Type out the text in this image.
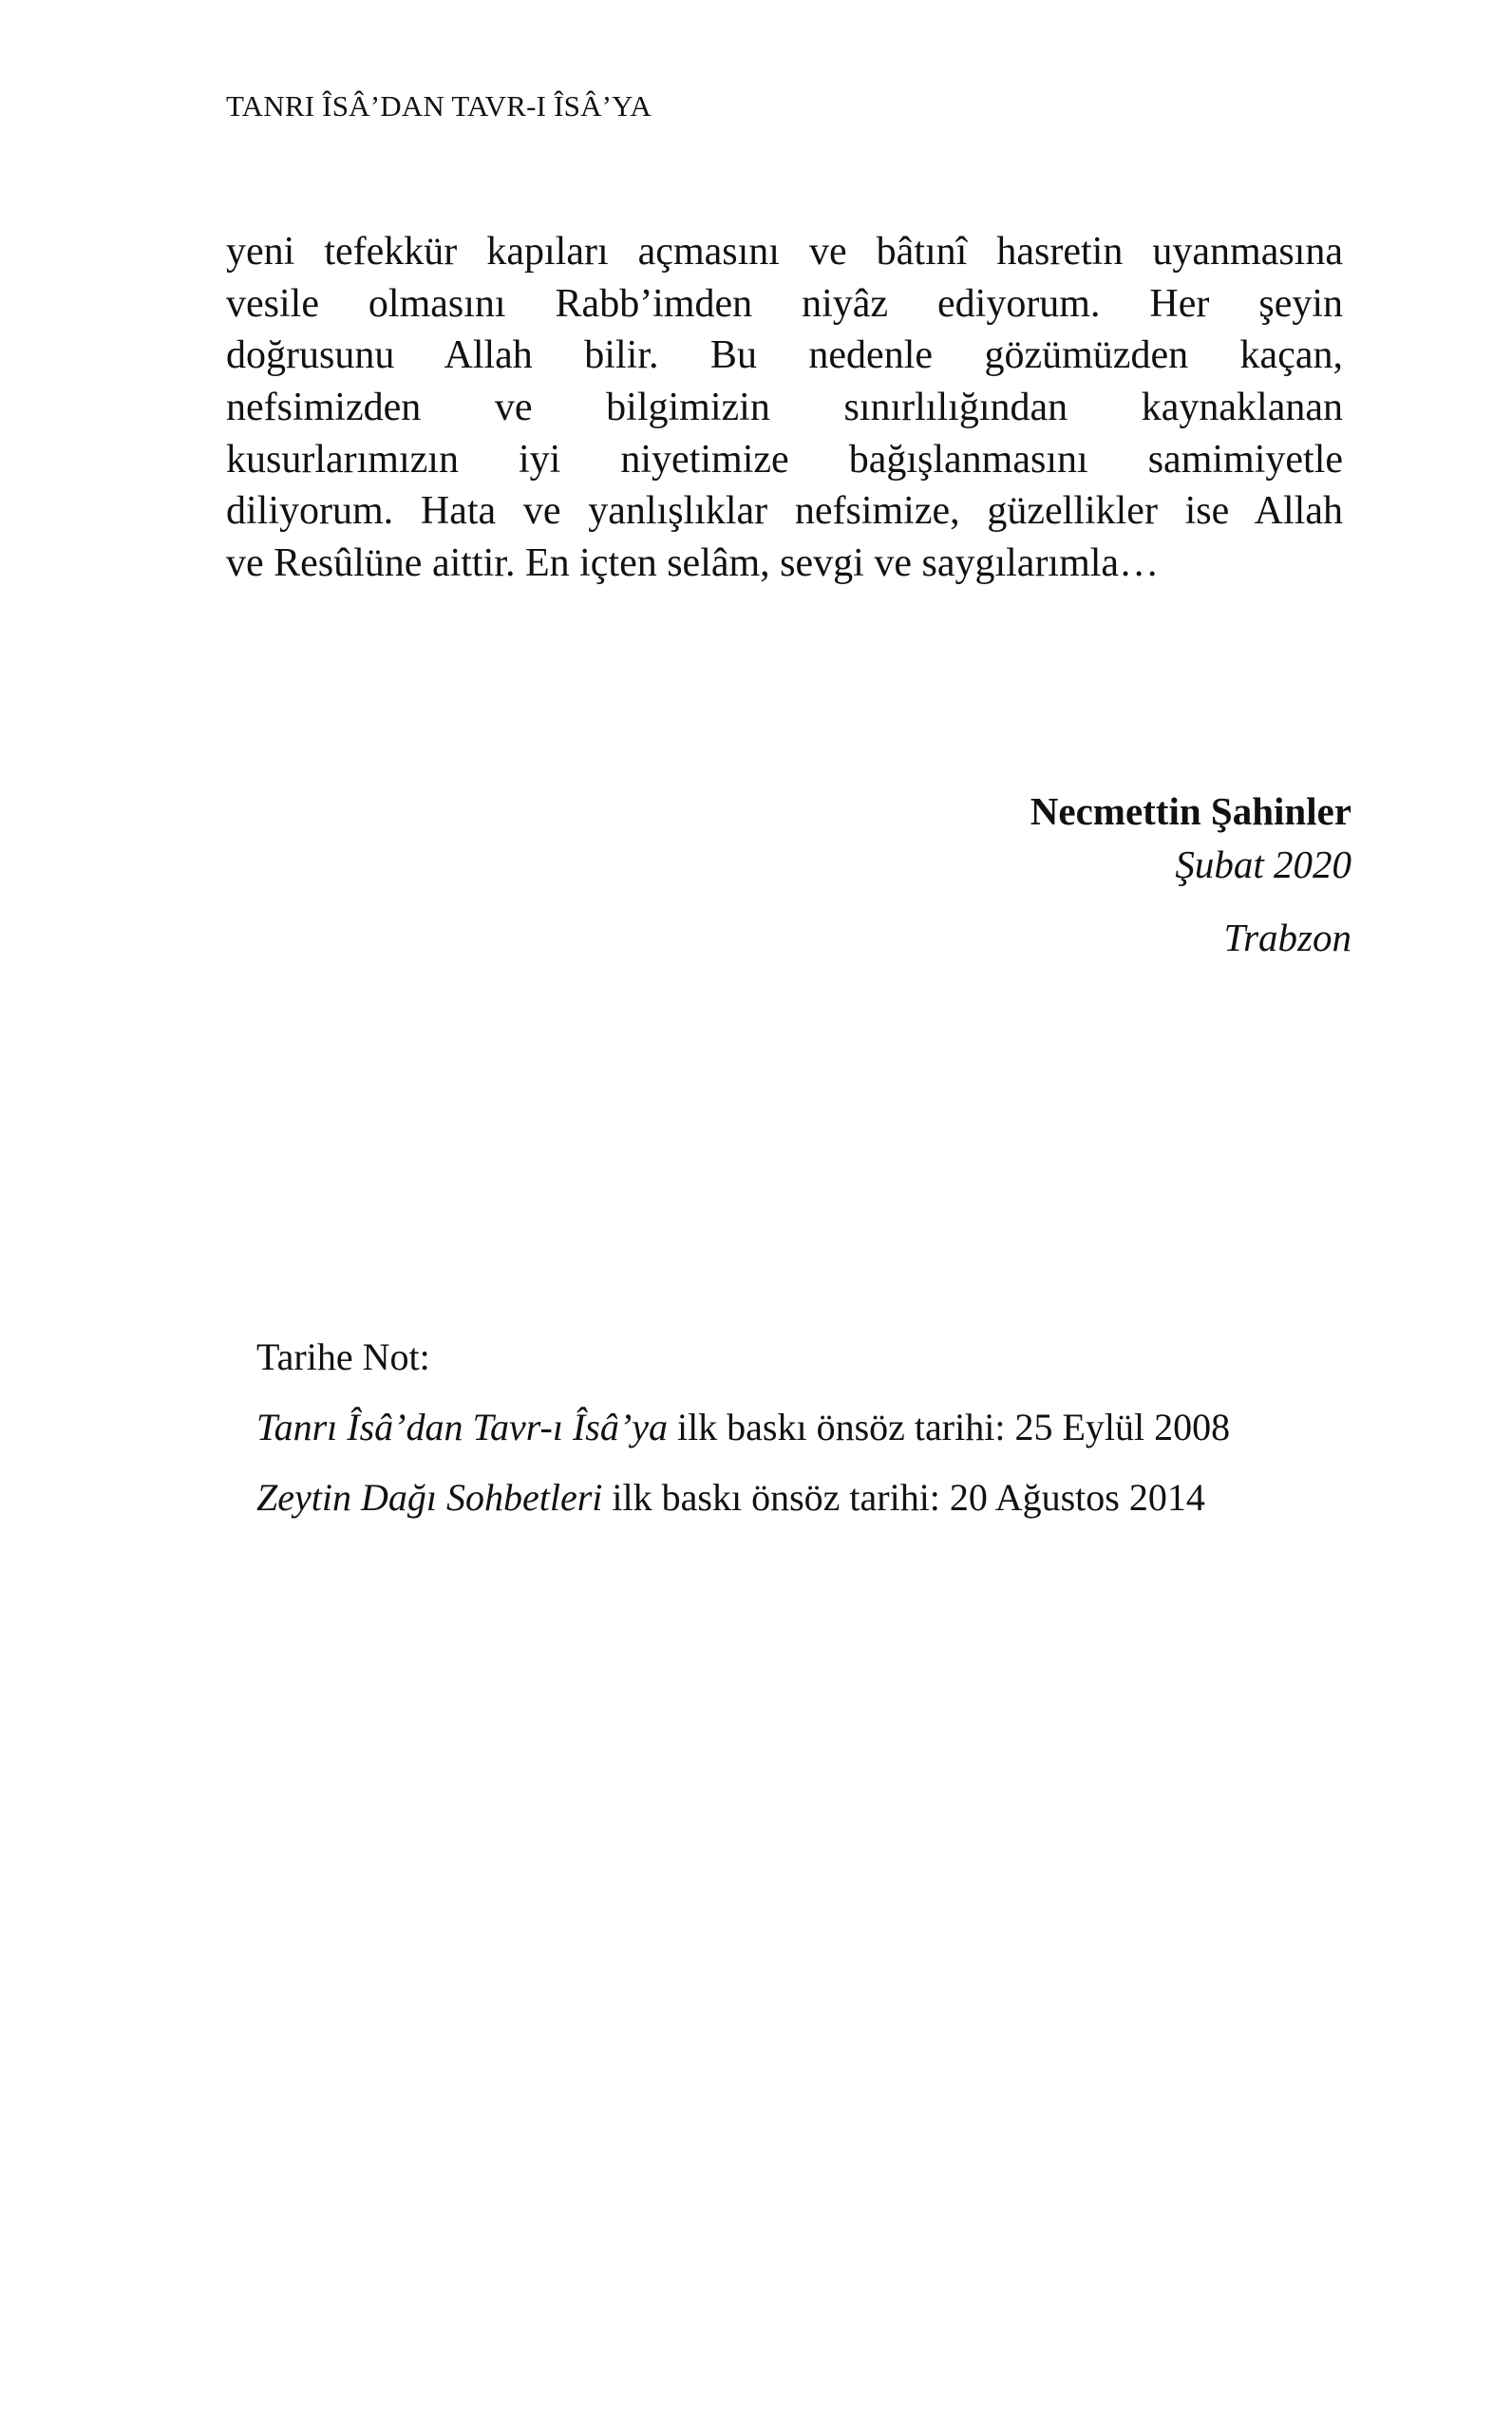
TANRI ÎSÂ’DAN TAVR-I ÎSÂ’YA
yeni tefekkür kapıları açmasını ve bâtınî hasretin uyanmasına
vesile olmasını Rabb’imden niyâz ediyorum. Her şeyin
doğrusunu Allah bilir. Bu nedenle gözümüzden kaçan,
nefsimizden ve bilgimizin sınırlılığından kaynaklanan
kusurlarımızın iyi niyetimize bağışlanmasını samimiyetle
diliyorum. Hata ve yanlışlıklar nefsimize, güzellikler ise Allah
ve Resûlüne aittir. En içten selâm, sevgi ve saygılarımla…
Necmettin Şahinler
Şubat 2020
Trabzon
Tarihe Not:
Tanrı Îsâ’dan Tavr-ı Îsâ’ya ilk baskı önsöz tarihi: 25 Eylül 2008
Zeytin Dağı Sohbetleri ilk baskı önsöz tarihi: 20 Ağustos 2014
